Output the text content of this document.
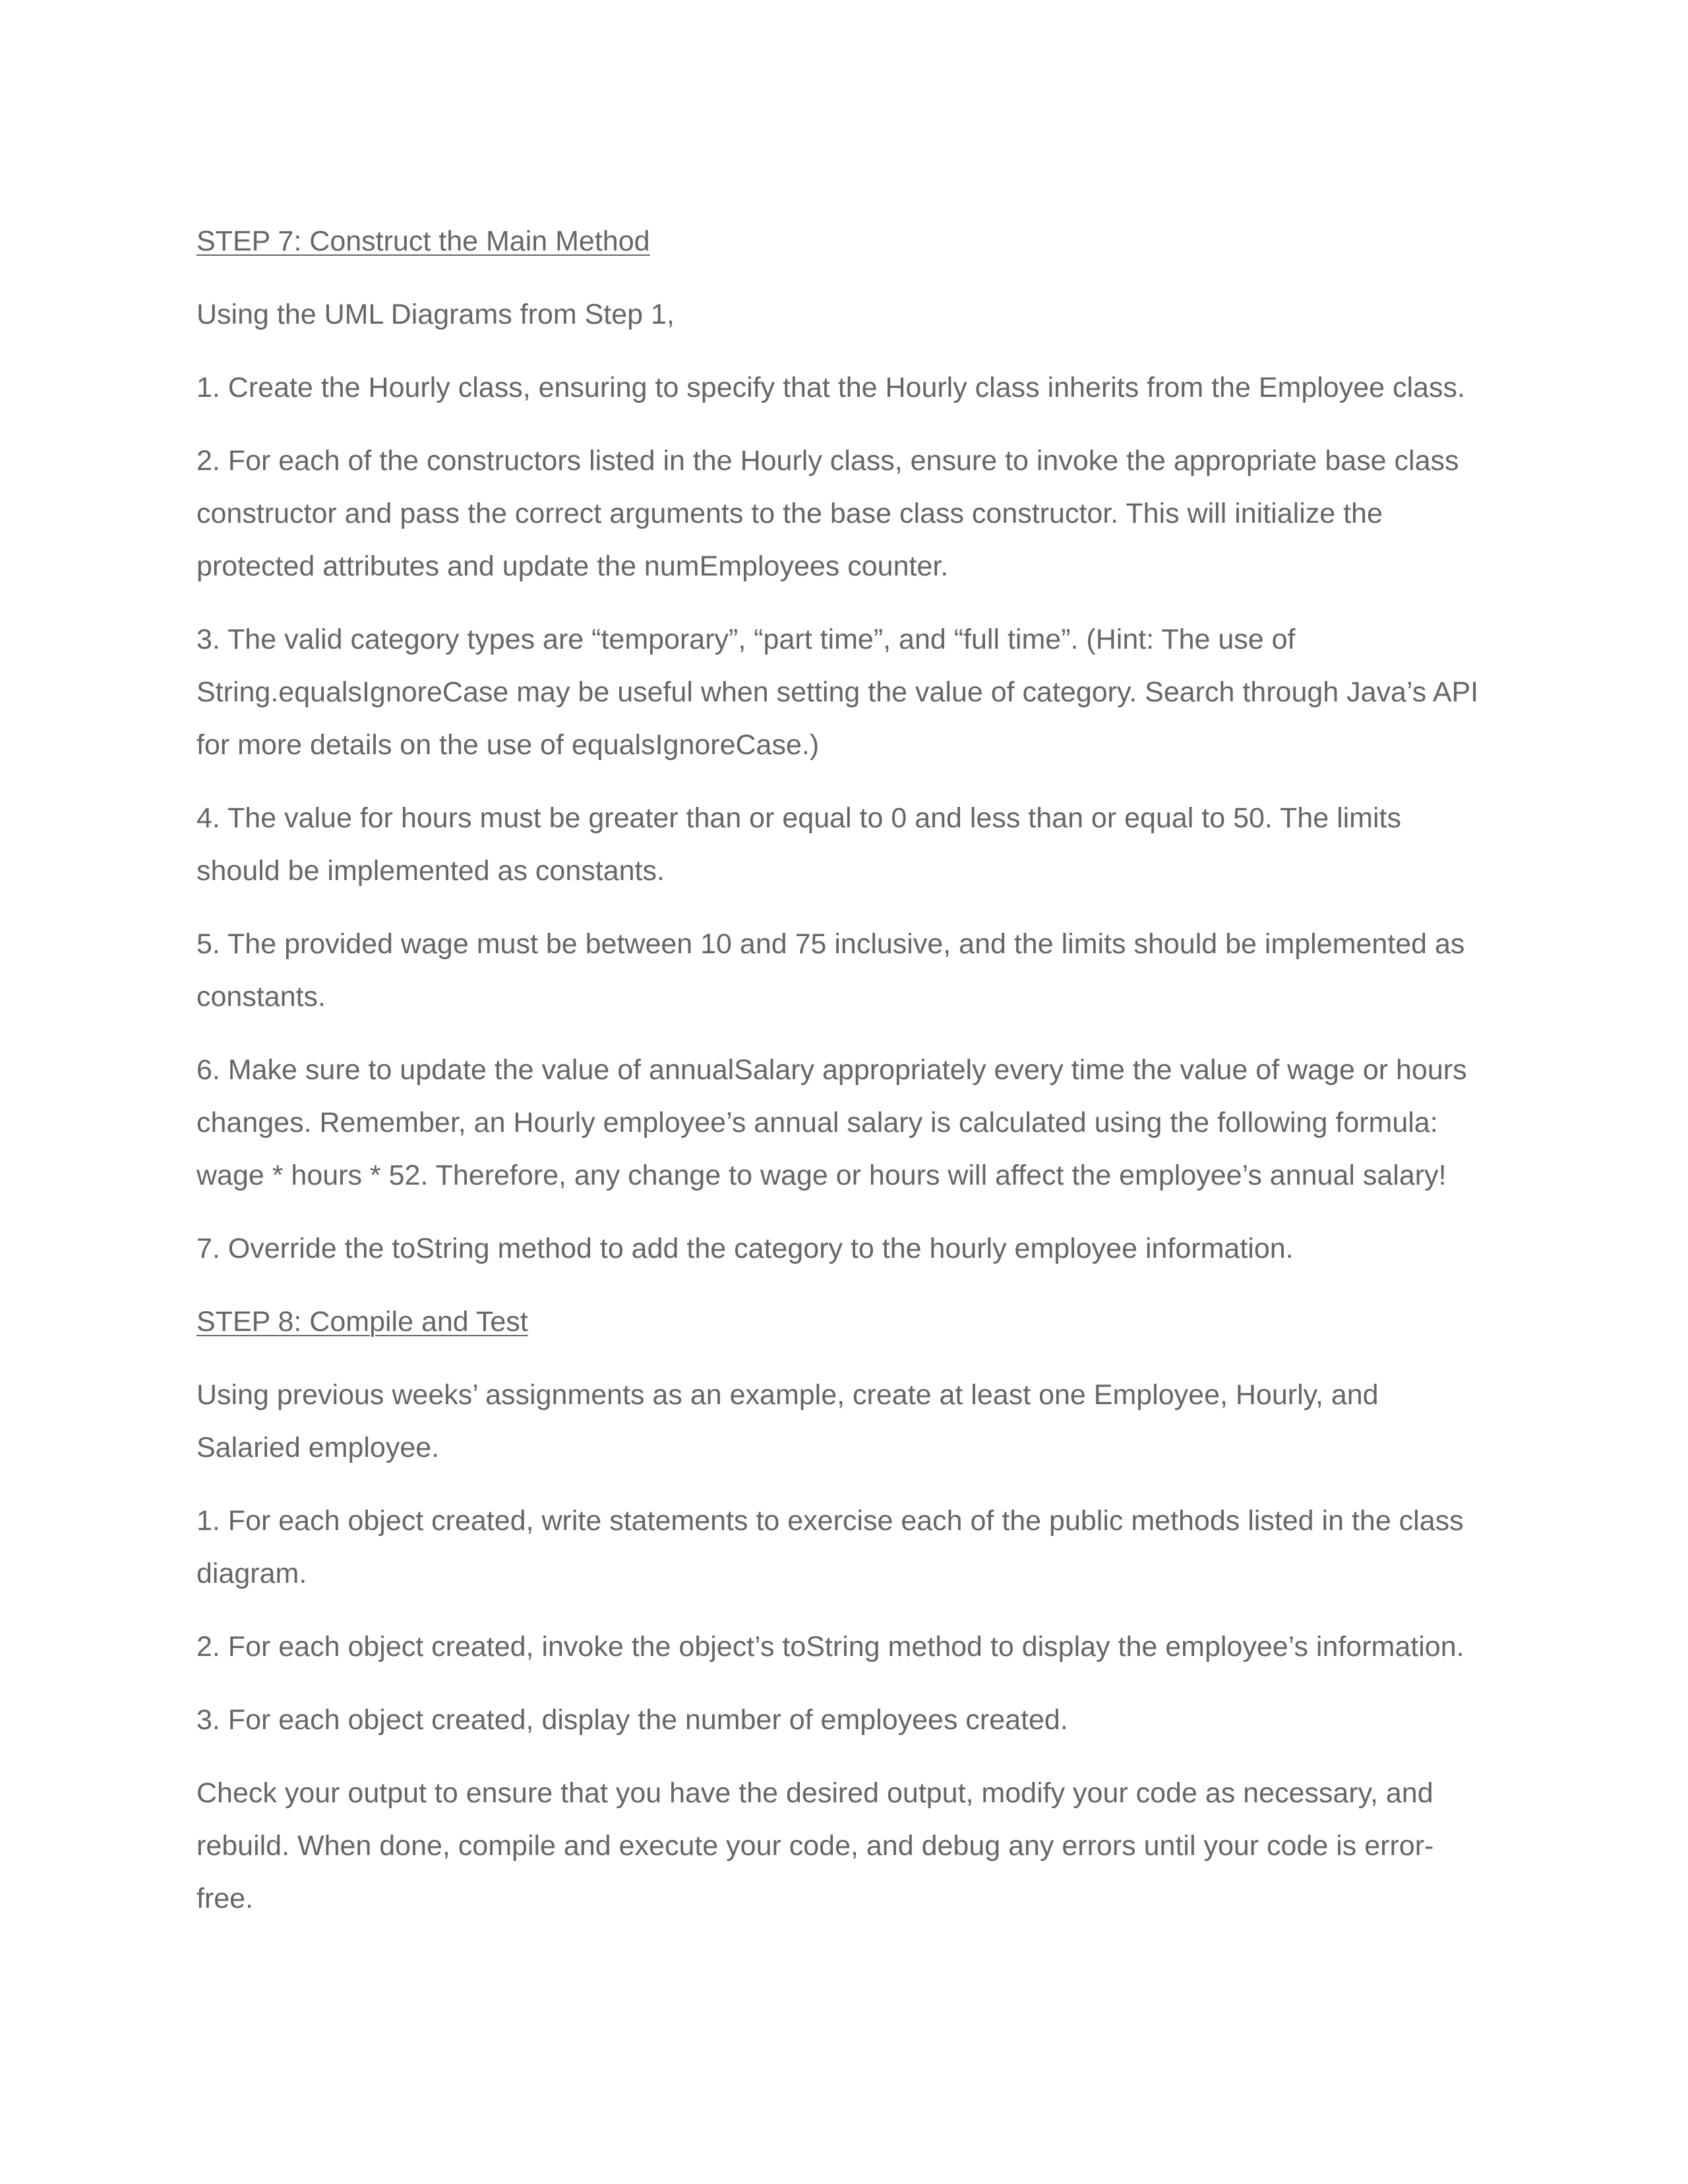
STEP 7: Construct the Main Method

Using the UML Diagrams from Step 1,

1. Create the Hourly class, ensuring to specify that the Hourly class inherits from the Employee class.

2. For each of the constructors listed in the Hourly class, ensure to invoke the appropriate base class constructor and pass the correct arguments to the base class constructor. This will initialize the protected attributes and update the numEmployees counter.

3. The valid category types are “temporary”, “part time”, and “full time”. (Hint: The use of String.equalsIgnoreCase may be useful when setting the value of category. Search through Java’s API for more details on the use of equalsIgnoreCase.)

4. The value for hours must be greater than or equal to 0 and less than or equal to 50. The limits should be implemented as constants.

5. The provided wage must be between 10 and 75 inclusive, and the limits should be implemented as constants.

6. Make sure to update the value of annualSalary appropriately every time the value of wage or hours changes. Remember, an Hourly employee’s annual salary is calculated using the following formula: wage * hours * 52. Therefore, any change to wage or hours will affect the employee’s annual salary!

7. Override the toString method to add the category to the hourly employee information.

STEP 8: Compile and Test

Using previous weeks’ assignments as an example, create at least one Employee, Hourly, and Salaried employee.

1. For each object created, write statements to exercise each of the public methods listed in the class diagram.

2. For each object created, invoke the object’s toString method to display the employee’s information.

3. For each object created, display the number of employees created.

Check your output to ensure that you have the desired output, modify your code as necessary, and rebuild. When done, compile and execute your code, and debug any errors until your code is error-free.
